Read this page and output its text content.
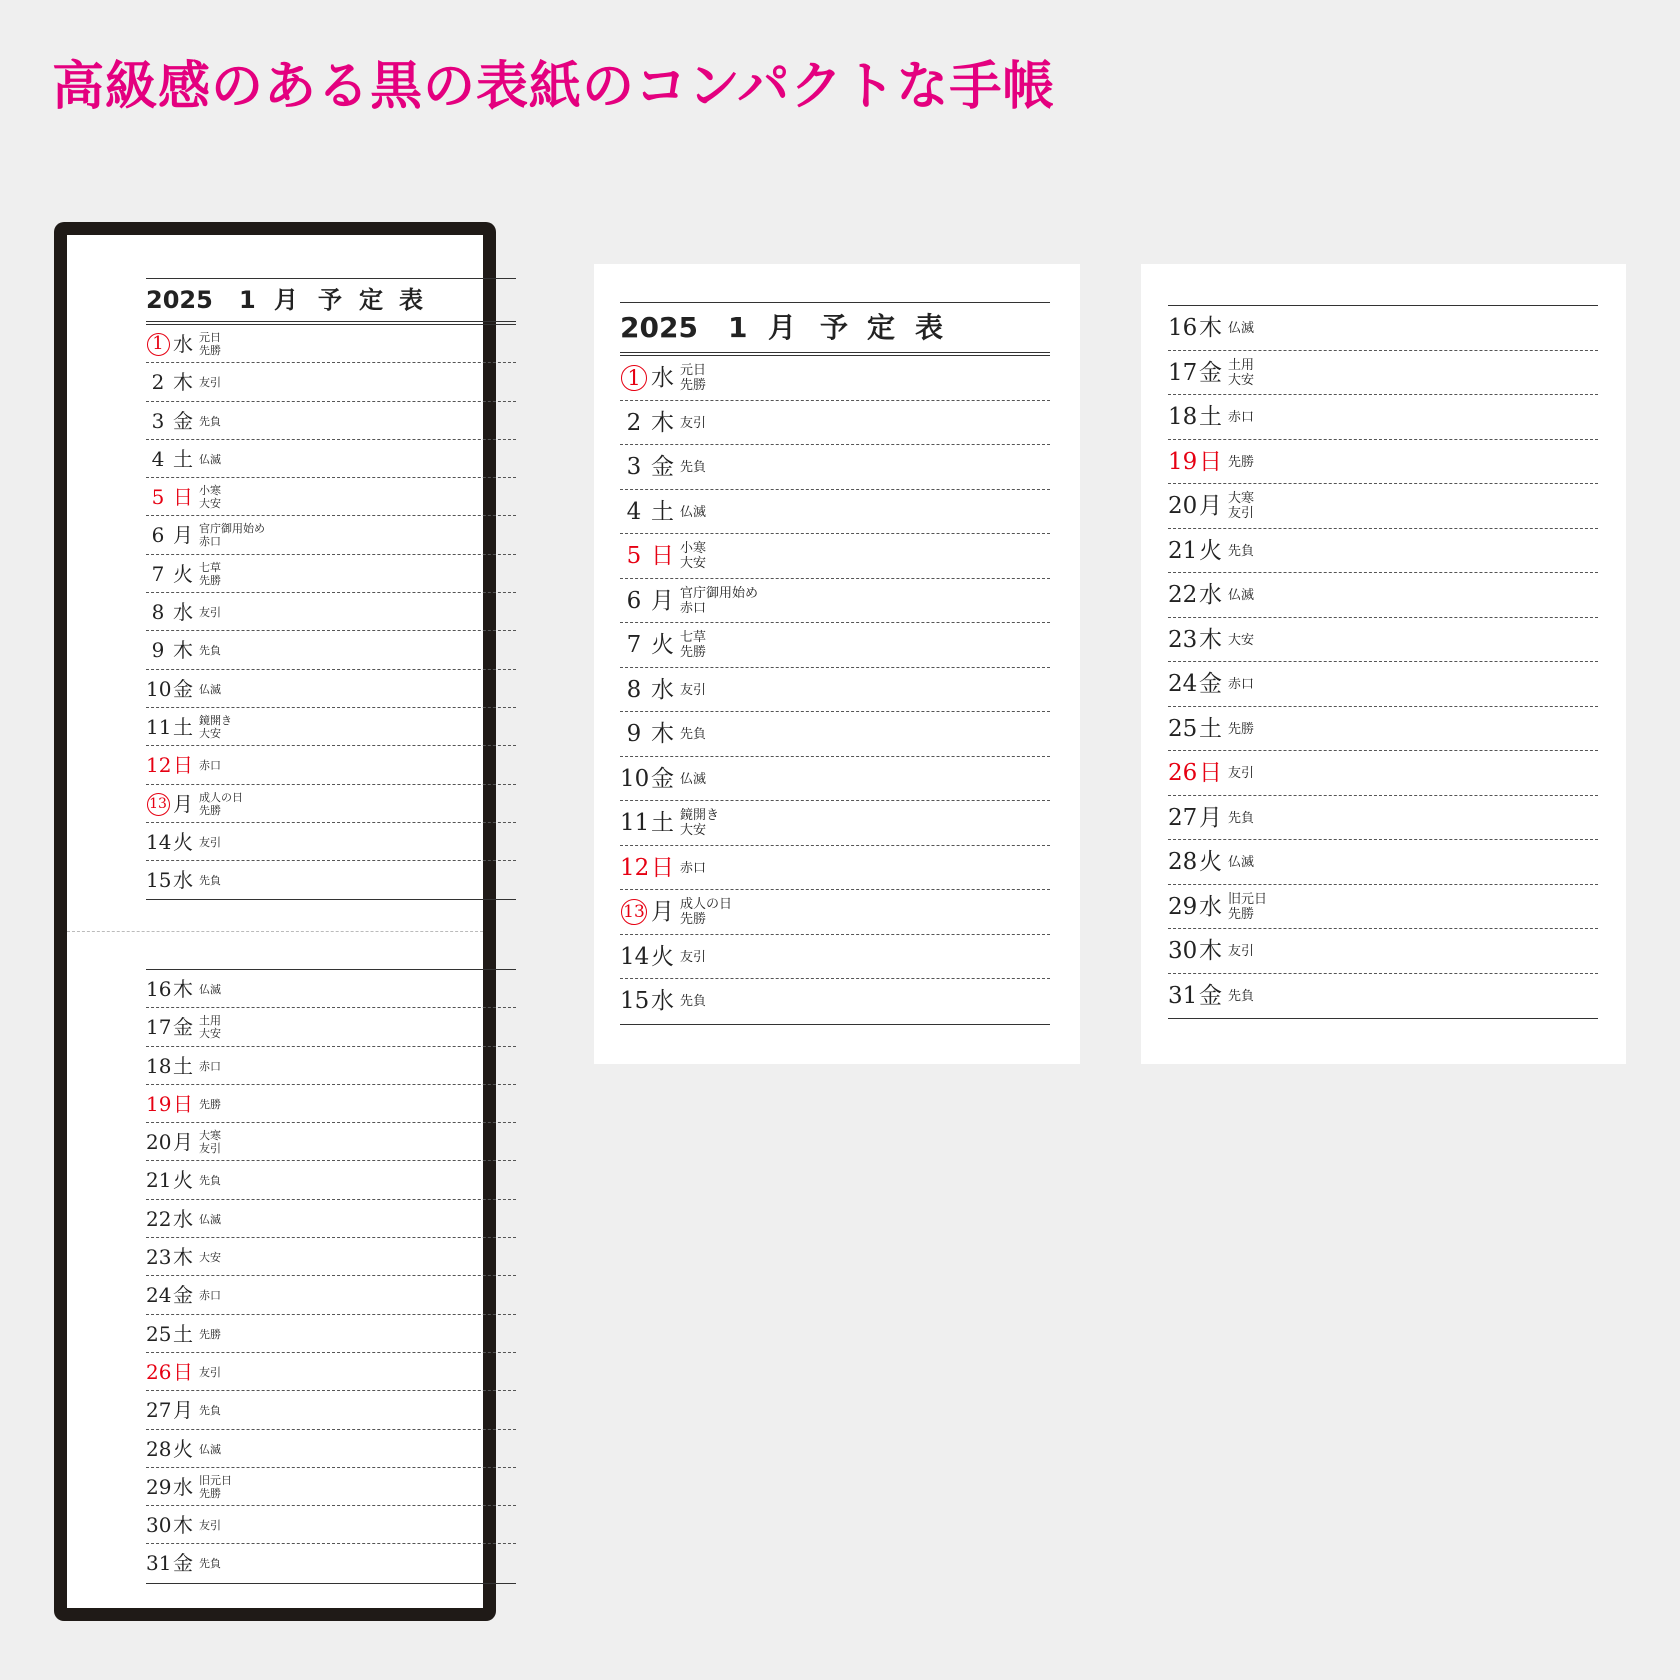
高級感のある黒の表紙のコンパクトな手帳
2025 1 月 予 定 表
1 水 元日
先勝
2 木 友引
3 金 先負
4 土 仏滅
5 日 小寒
大安
6 月 官庁御用始め
赤口
7 火 七草
先勝
8 水 友引
9 木 先負
10 金 仏滅
11 土 鏡開き
大安
12 日 赤口
13 月 成人の日
先勝
14 火 友引
15 水 先負
16 木 仏滅
17 金 土用
大安
18 土 赤口
19 日 先勝
20 月 大寒
友引
21 火 先負
22 水 仏滅
23 木 大安
24 金 赤口
25 土 先勝
26 日 友引
27 月 先負
28 火 仏滅
29 水 旧元日
先勝
30 木 友引
31 金 先負
2025 1 月 予 定 表
1 水 元日
先勝
2 木 友引
3 金 先負
4 土 仏滅
5 日 小寒
大安
6 月 官庁御用始め
赤口
7 火 七草
先勝
8 水 友引
9 木 先負
10 金 仏滅
11 土 鏡開き
大安
12 日 赤口
13 月 成人の日
先勝
14 火 友引
15 水 先負
16 木 仏滅
17 金 土用
大安
18 土 赤口
19 日 先勝
20 月 大寒
友引
21 火 先負
22 水 仏滅
23 木 大安
24 金 赤口
25 土 先勝
26 日 友引
27 月 先負
28 火 仏滅
29 水 旧元日
先勝
30 木 友引
31 金 先負
